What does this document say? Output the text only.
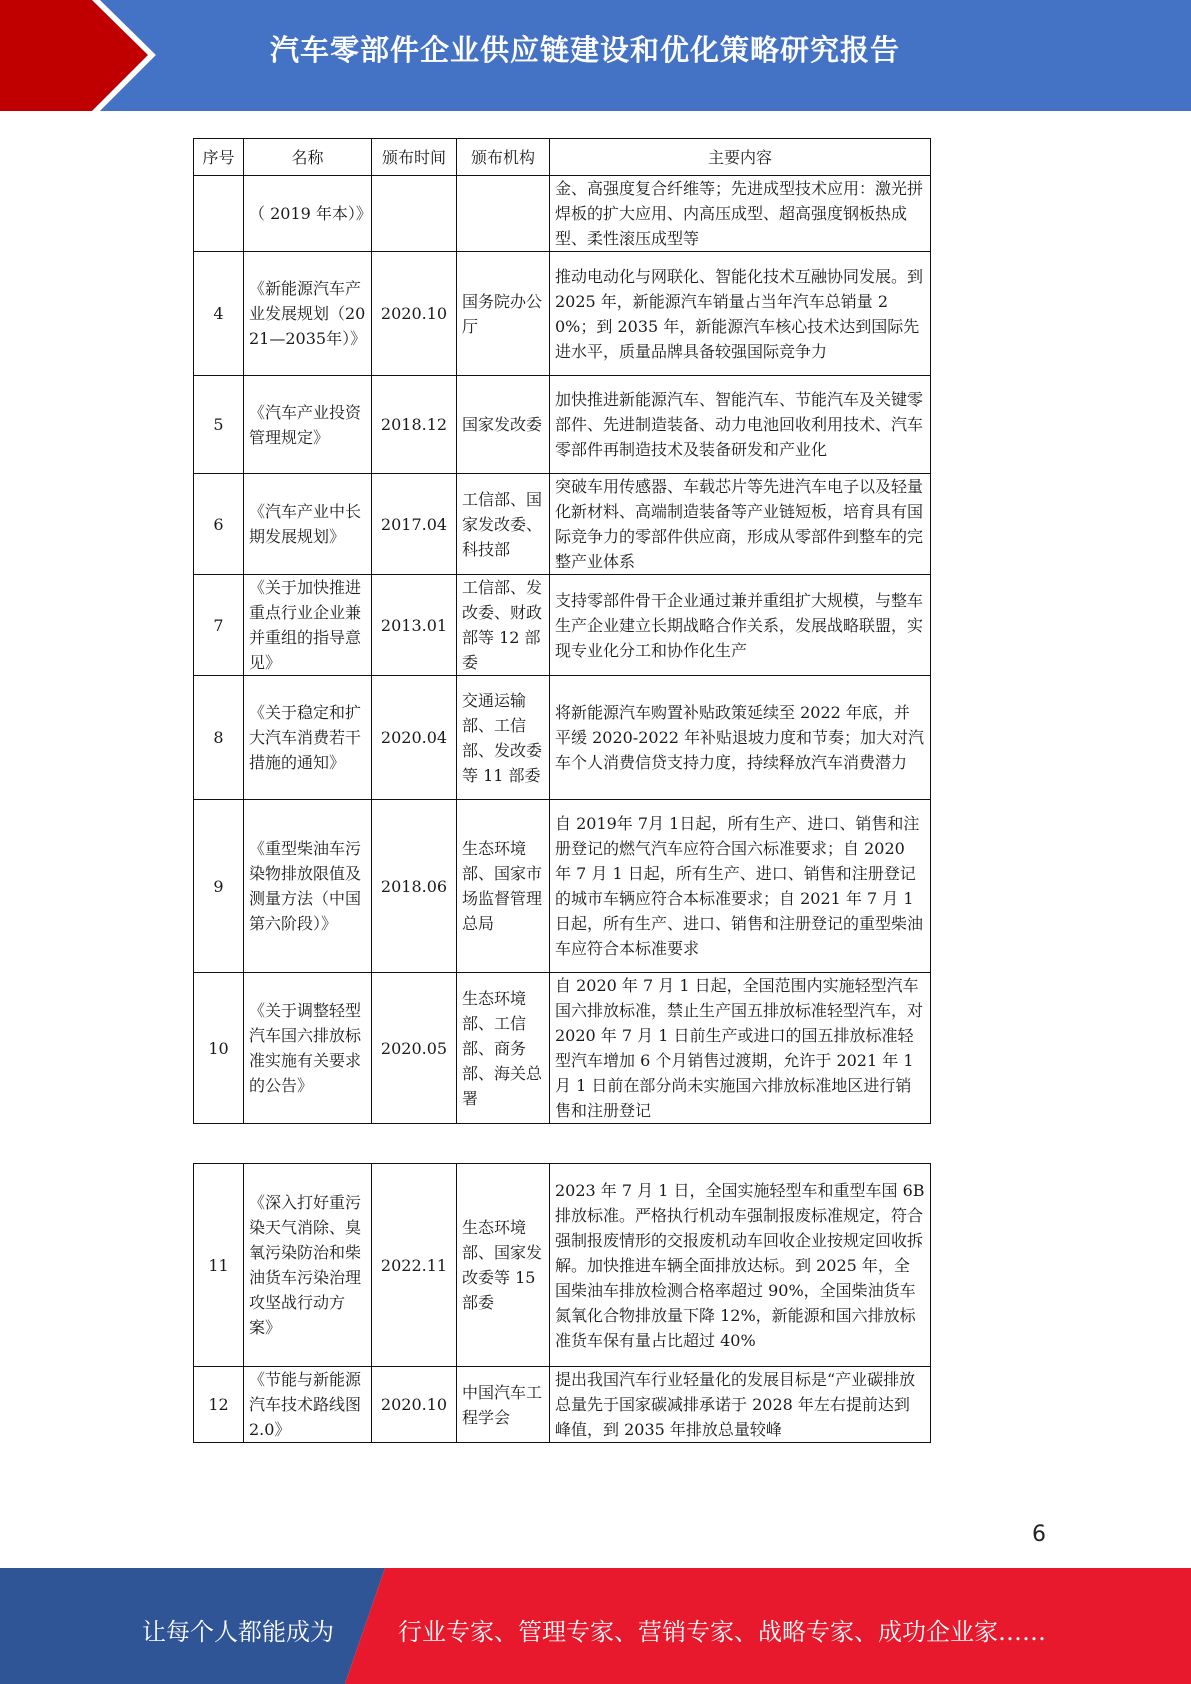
汽车零部件企业供应链建设和优化策略研究报告
序号	名称	颁布时间	颁布机构	主要内容
	（ 2019 年本）》			金、高强度复合纤维等；先进成型技术应用：激光拼焊板的扩大应用、内高压成型、超高强度钢板热成型、柔性滚压成型等
4	《新能源汽车产业发展规划（2021—2035年）》	2020.10	国务院办公厅	推动电动化与网联化、智能化技术互融协同发展。到 2025 年，新能源汽车销量占当年汽车总销量 20%；到 2035 年，新能源汽车核心技术达到国际先进水平，质量品牌具备较强国际竞争力
5	《汽车产业投资管理规定》	2018.12	国家发改委	加快推进新能源汽车、智能汽车、节能汽车及关键零部件、先进制造装备、动力电池回收利用技术、汽车零部件再制造技术及装备研发和产业化
6	《汽车产业中长期发展规划》	2017.04	工信部、国家发改委、科技部	突破车用传感器、车载芯片等先进汽车电子以及轻量化新材料、高端制造装备等产业链短板，培育具有国际竞争力的零部件供应商，形成从零部件到整车的完整产业体系
7	《关于加快推进重点行业企业兼并重组的指导意见》	2013.01	工信部、发改委、财政部等 12 部委	支持零部件骨干企业通过兼并重组扩大规模，与整车生产企业建立长期战略合作关系，发展战略联盟，实现专业化分工和协作化生产
8	《关于稳定和扩大汽车消费若干措施的通知》	2020.04	交通运输部、工信部、发改委等 11 部委	将新能源汽车购置补贴政策延续至 2022 年底，并平缓 2020-2022 年补贴退坡力度和节奏；加大对汽车个人消费信贷支持力度，持续释放汽车消费潜力
9	《重型柴油车污染物排放限值及测量方法（中国第六阶段）》	2018.06	生态环境部、国家市场监督管理总局	自 2019年 7月 1日起，所有生产、进口、销售和注册登记的燃气汽车应符合国六标准要求；自 2020 年 7 月 1 日起，所有生产、进口、销售和注册登记的城市车辆应符合本标准要求；自 2021 年 7 月 1 日起，所有生产、进口、销售和注册登记的重型柴油车应符合本标准要求
10	《关于调整轻型汽车国六排放标准实施有关要求的公告》	2020.05	生态环境部、工信部、商务部、海关总署	自 2020 年 7 月 1 日起，全国范围内实施轻型汽车国六排放标准，禁止生产国五排放标准轻型汽车，对 2020 年 7 月 1 日前生产或进口的国五排放标准轻型汽车增加 6 个月销售过渡期，允许于 2021 年 1 月 1 日前在部分尚未实施国六排放标准地区进行销售和注册登记
11	《深入打好重污染天气消除、臭氧污染防治和柴油货车污染治理攻坚战行动方案》	2022.11	生态环境部、国家发改委等 15 部委	2023 年 7 月 1 日，全国实施轻型车和重型车国 6B 排放标准。严格执行机动车强制报废标准规定，符合强制报废情形的交报废机动车回收企业按规定回收拆解。加快推进车辆全面排放达标。到 2025 年，全国柴油车排放检测合格率超过 90%，全国柴油货车氮氧化合物排放量下降 12%，新能源和国六排放标准货车保有量占比超过 40%
12	《节能与新能源汽车技术路线图 2.0》	2020.10	中国汽车工程学会	提出我国汽车行业轻量化的发展目标是“产业碳排放总量先于国家碳减排承诺于 2028 年左右提前达到峰值，到 2035 年排放总量较峰
6
让每个人都能成为	行业专家、管理专家、营销专家、战略专家、成功企业家……
